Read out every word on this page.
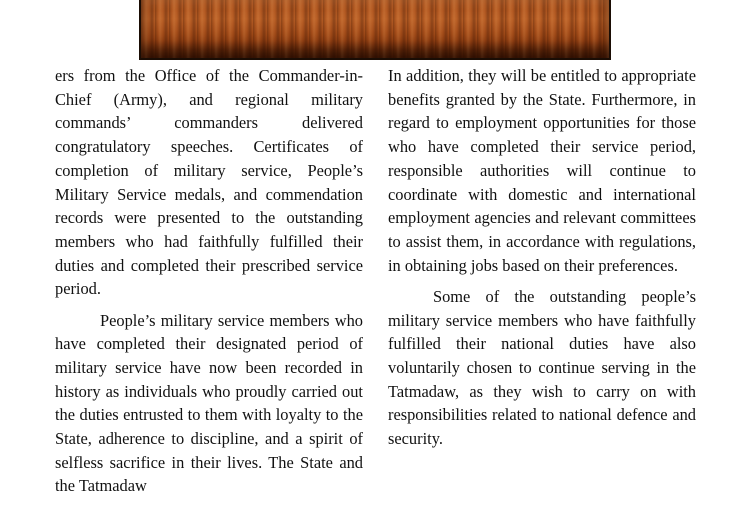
ers from the Office of the Commander-in-Chief (Army), and regional military commands’ commanders delivered congratulatory speeches. Certificates of completion of military service, People’s Military Service medals, and commendation records were presented to the outstanding members who had faithfully fulfilled their duties and completed their prescribed service period.

People’s military service members who have completed their designated period of military service have now been recorded in history as individuals who proudly carried out the duties entrusted to them with loyalty to the State, adherence to discipline, and a spirit of selfless sacrifice in their lives. The State and the Tatmadaw

In addition, they will be entitled to appropriate benefits granted by the State. Furthermore, in regard to employment opportunities for those who have completed their service period, responsible authorities will continue to coordinate with domestic and international employment agencies and relevant committees to assist them, in accordance with regulations, in obtaining jobs based on their preferences.

Some of the outstanding people’s military service members who have faithfully fulfilled their national duties have also voluntarily chosen to continue serving in the Tatmadaw, as they wish to carry on with responsibilities related to national defence and security.
